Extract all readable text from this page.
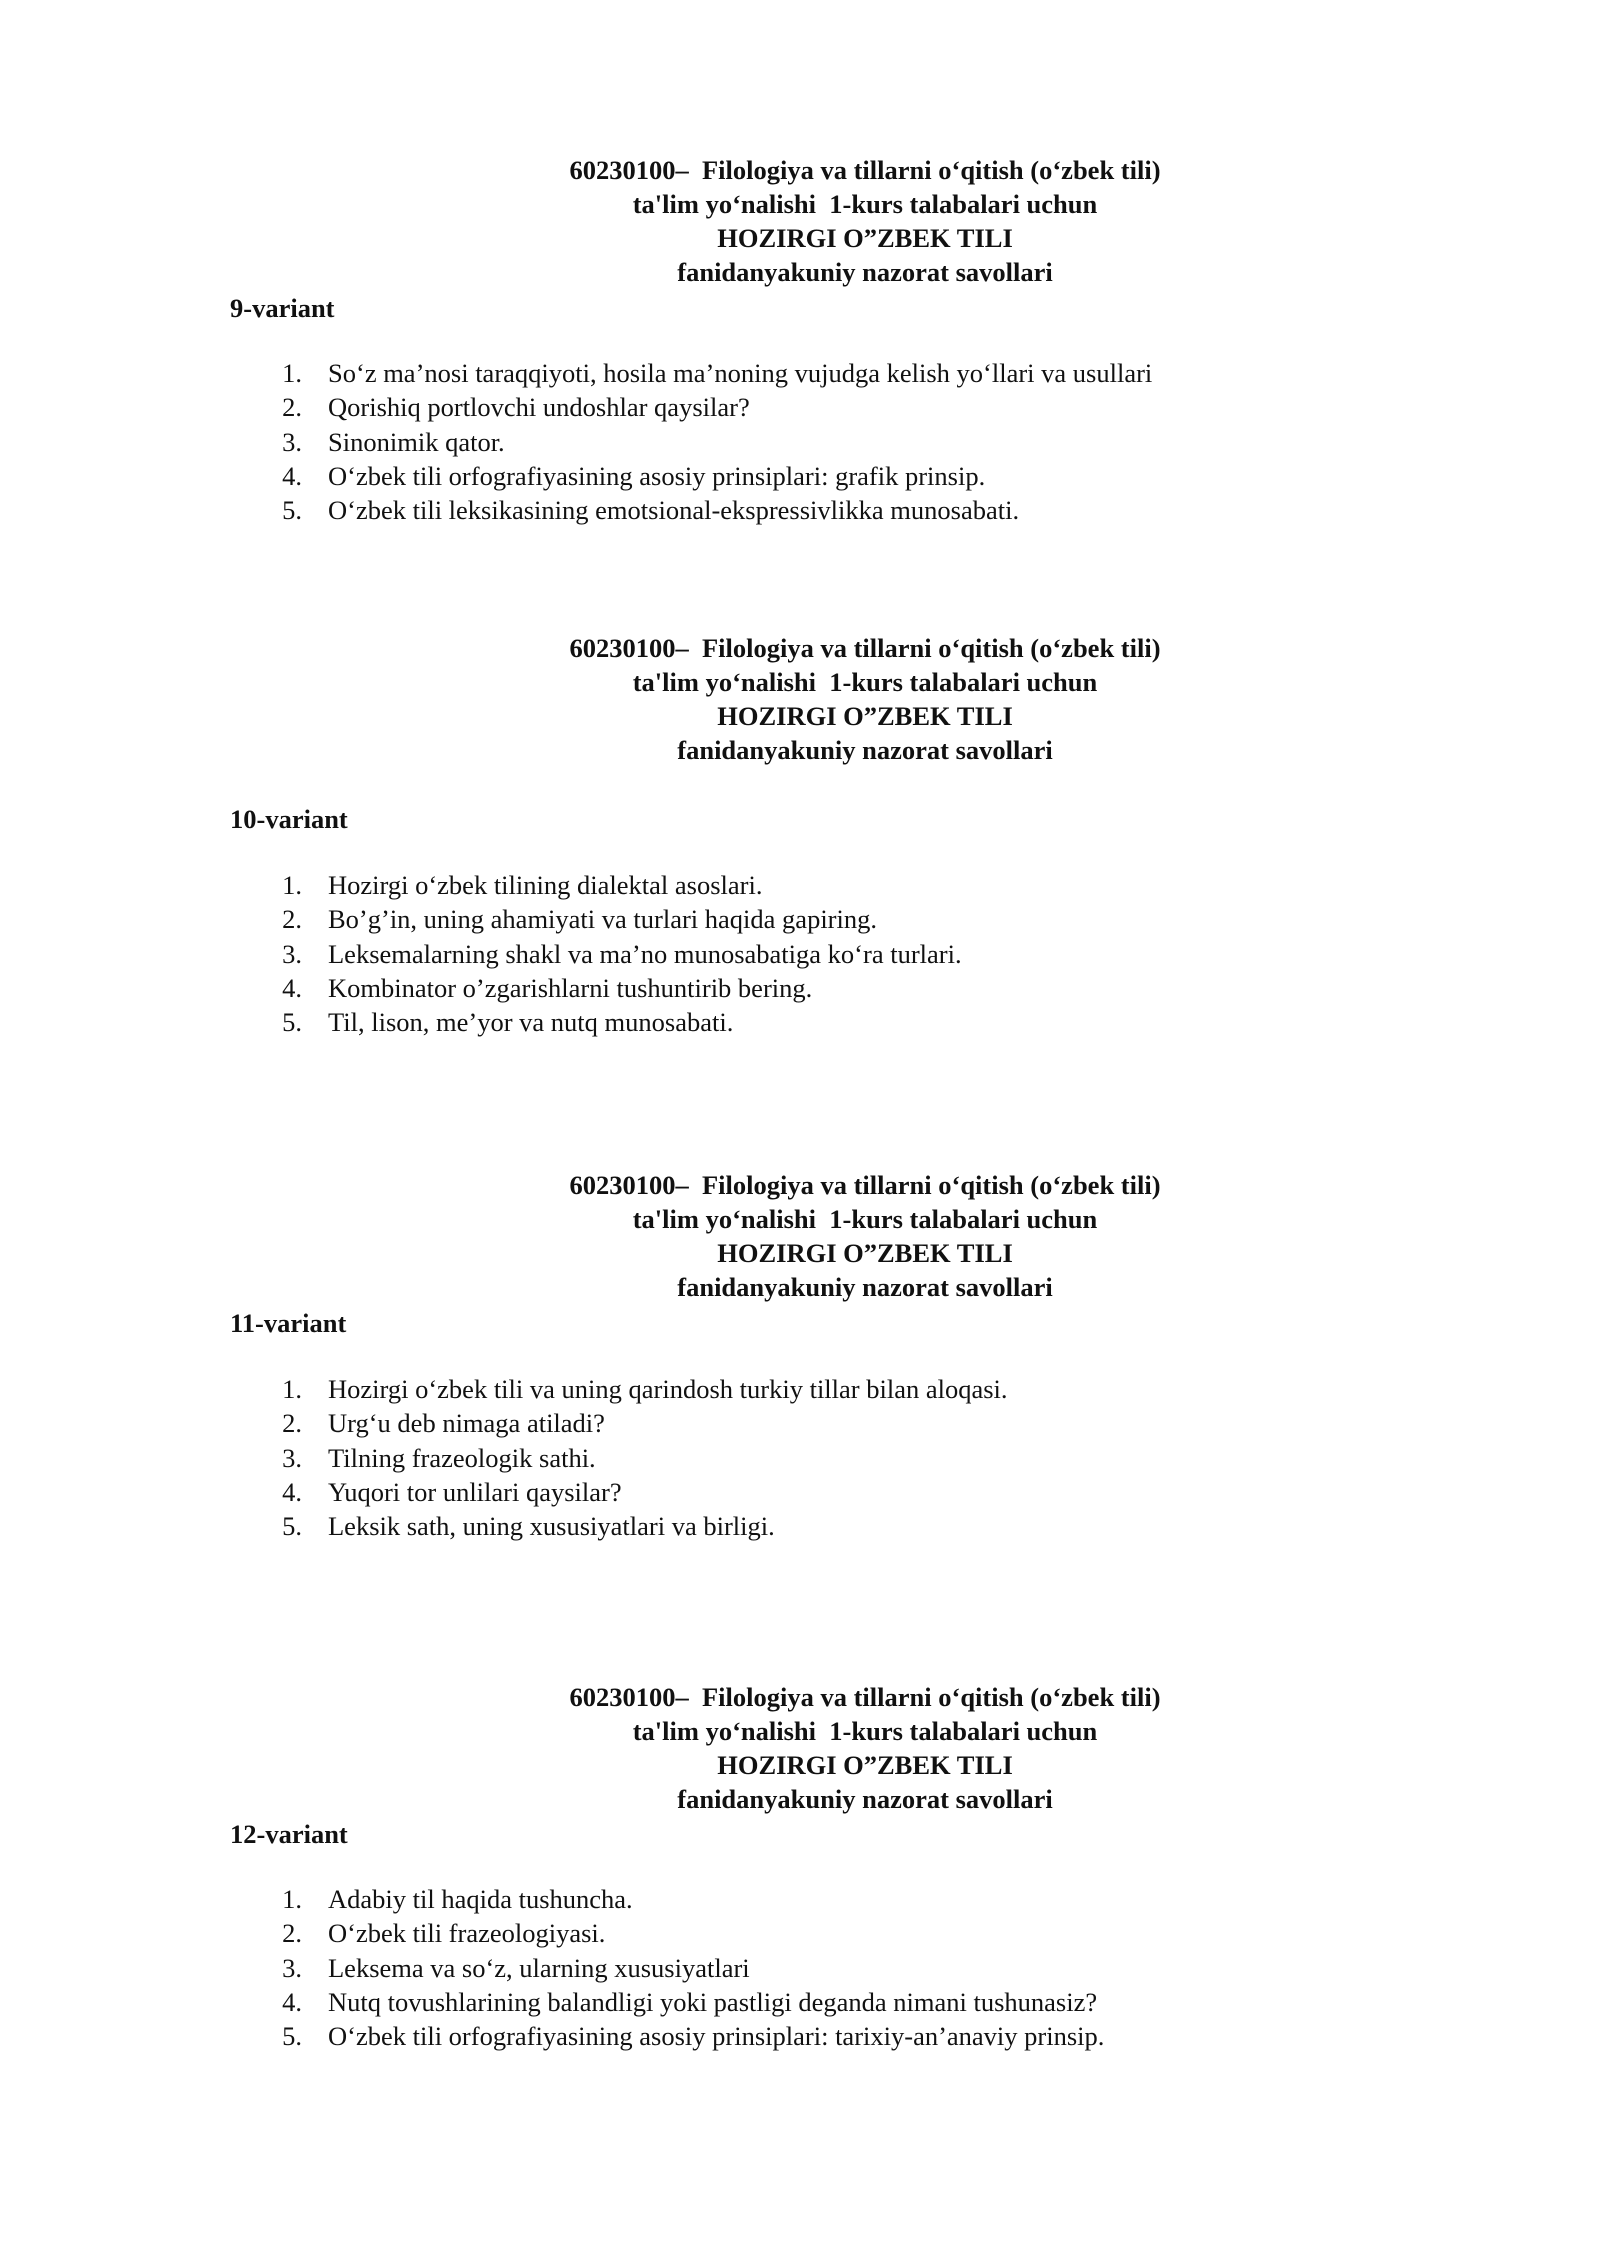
60230100–  Filologiya va tillarni o‘qitish (o‘zbek tili)
ta'lim yo‘nalishi  1-kurs talabalari uchun
HOZIRGI O”ZBEK TILI
fanidanyakuniy nazorat savollari
9-variant
1. So‘z ma’nosi taraqqiyoti, hosila ma’noning vujudga kelish yo‘llari va usullari
2. Qorishiq portlovchi undoshlar qaysilar?
3. Sinonimik qator.
4. O‘zbek tili orfografiyasining asosiy prinsiplari: grafik prinsip.
5. O‘zbek tili leksikasining emotsional-ekspressivlikka munosabati.
60230100–  Filologiya va tillarni o‘qitish (o‘zbek tili)
ta'lim yo‘nalishi  1-kurs talabalari uchun
HOZIRGI O”ZBEK TILI
fanidanyakuniy nazorat savollari
10-variant
1. Hozirgi o‘zbek tilining dialektal asoslari.
2. Bo’g’in, uning ahamiyati va turlari haqida gapiring.
3. Leksemalarning shakl va ma’no munosabatiga ko‘ra turlari.
4. Kombinator o’zgarishlarni tushuntirib bering.
5. Til, lison, me’yor va nutq munosabati.
60230100–  Filologiya va tillarni o‘qitish (o‘zbek tili)
ta'lim yo‘nalishi  1-kurs talabalari uchun
HOZIRGI O”ZBEK TILI
fanidanyakuniy nazorat savollari
11-variant
1. Hozirgi o‘zbek tili va uning qarindosh turkiy tillar bilan aloqasi.
2. Urg‘u deb nimaga atiladi?
3. Tilning frazeologik sathi.
4. Yuqori tor unlilari qaysilar?
5. Leksik sath, uning xususiyatlari va birligi.
60230100–  Filologiya va tillarni o‘qitish (o‘zbek tili)
ta'lim yo‘nalishi  1-kurs talabalari uchun
HOZIRGI O”ZBEK TILI
fanidanyakuniy nazorat savollari
12-variant
1. Adabiy til haqida tushuncha.
2. O‘zbek tili frazeologiyasi.
3. Leksema va so‘z, ularning xususiyatlari
4. Nutq tovushlarining balandligi yoki pastligi deganda nimani tushunasiz?
5. O‘zbek tili orfografiyasining asosiy prinsiplari: tarixiy-an’anaviy prinsip.
